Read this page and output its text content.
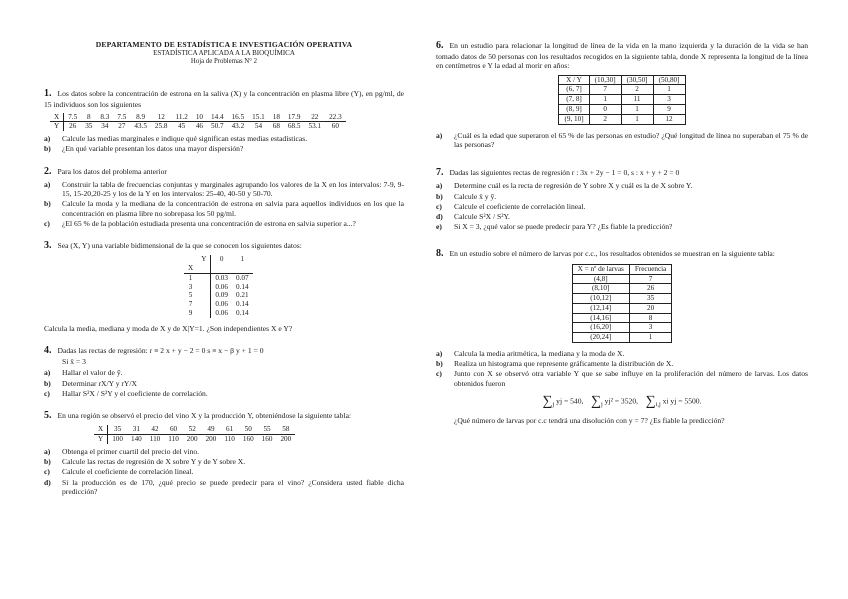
DEPARTAMENTO DE ESTADÍSTICA E INVESTIGACIÓN OPERATIVA
ESTADÍSTICA APLICADA A LA BIOQUÍMICA
Hoja de Problemas N° 2
1. Los datos sobre la concentración de estrona en la saliva (X) y la concentración en plasma libre (Y), en pg/ml, de 15 individuos son los siguientes
X	7.5	8	8.3	7.5	8.9	12	11.2	10	14.4	16.5	15.1	18	17.9	22	22.3
Y	26	35	34	27	43.5	25.8	45	46	50.7	43.2	54	68	68.5	53.1	60
a) Calcule las medias marginales e indique qué significan estas medias estadísticas.
b) ¿En qué variable presentan los datos una mayor dispersión?
2. Para los datos del problema anterior
a) Construir la tabla de frecuencias conjuntas y marginales agrupando los valores de la X en los intervalos: 7-9, 9-15, 15-20,20-25 y los de la Y en los intervalos: 25-40, 40-50 y 50-70.
b) Calcule la moda y la mediana de la concentración de estrona en salvia para aquellos individuos en los que la concentración en plasma libre no sobrepasa los 50 pg/ml.
c) ¿El 65 % de la población estudiada presenta una concentración de estrona en salvia superior a...?
3. Sea (X, Y) una variable bidimensional de la que se conocen los siguientes datos:
	Y	0	1
X			
1		0.03	0.07
3		0.06	0.14
5		0.09	0.21
7		0.06	0.14
9		0.06	0.14
Calcula la media, mediana y moda de X y de X|Y=1. ¿Son independientes X e Y?
4. Dadas las rectas de regresión: r ≡ 2 x + y − 2 = 0 s ≡ x − β y + 1 = 0
Si x̄ = 3
a) Hallar el valor de ȳ.
b) Determinar rX/Y y rY/X
c) Hallar S²X / S²Y y el coeficiente de correlación.
5. En una región se observó el precio del vino X y la producción Y, obteniéndose la siguiente tabla:
X	35	31	42	60	52	49	61	50	55	58
Y	100	140	110	110	200	200	110	160	160	200
a) Obtenga el primer cuartil del precio del vino.
b) Calcule las rectas de regresión de X sobre Y y de Y sobre X.
c) Calcule el coeficiente de correlación lineal.
d) Si la producción es de 170, ¿qué precio se puede predecir para el vino? ¿Considera usted fiable dicha predicción?
6. En un estudio para relacionar la longitud de línea de la vida en la mano izquierda y la duración de la vida se han tomado datos de 50 personas con los resultados recogidos en la siguiente tabla, donde X representa la longitud de la línea en centímetros e Y la edad al morir en años:
X / Y	(10,30]	(30,50]	(50,80]
(6, 7]	7	2	1
(7, 8]	1	11	3
(8, 9]	0	1	9
(9, 10]	2	1	12
a) ¿Cuál es la edad que superaron el 65 % de las personas en estudio? ¿Qué longitud de línea no superaban el 75 % de las personas?
7. Dadas las siguientes rectas de regresión r : 3x + 2y − 1 = 0, s : x + y + 2 = 0
a) Determine cuál es la recta de regresión de Y sobre X y cuál es la de X sobre Y.
b) Calcule x̄ y ȳ.
c) Calcule el coeficiente de correlación lineal.
d) Calcule S²X / S²Y.
e) Si X = 3, ¿qué valor se puede predecir para Y? ¿Es fiable la predicción?
8. En un estudio sobre el número de larvas por c.c., los resultados obtenidos se muestran en la siguiente tabla:
X = nº de larvas	Frecuencia
(4,8]	7
(8,10]	26
(10,12]	35
(12,14]	20
(14,16]	8
(16,20]	3
(20,24]	1
a) Calcula la media aritmética, la mediana y la moda de X.
b) Realiza un histograma que represente gráficamente la distribución de X.
c) Junto con X se observó otra variable Y que se sabe influye en la proliferación del número de larvas. Los datos obtenidos fueron
$\sum_j$ yj = 540, $\sum_j$ yj² = 3520, $\sum_{i,j}$ xi yj = 5500.
¿Qué número de larvas por c.c tendrá una disolución con y = 7? ¿Es fiable la predicción?
